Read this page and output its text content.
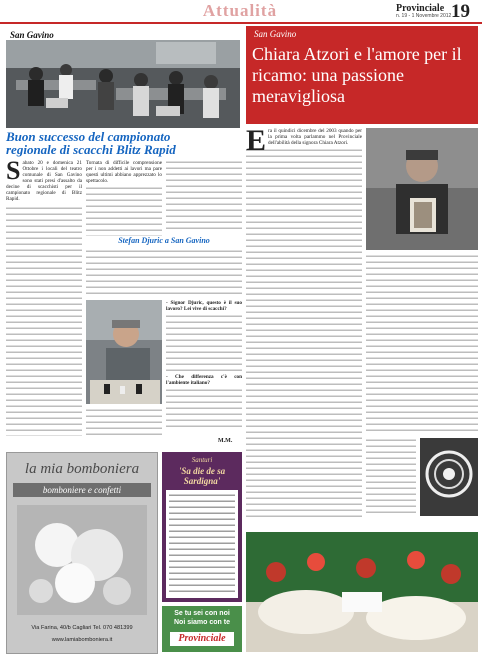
Attualità	Provinciale
n. 19 - 1 Novembre 2012 19
San Gavino
Buon successo del campionato
regionale di scacchi Blitz Rapid
S abato 20 e domenica 21 Ottobre i locali del teatro comunale di San Gavino sono stati presi d'assalto da decine di scacchisti per il campionato regionale di Blitz Rapid.

Tornata di difficile comprensione per i non addetti ai lavori ma pare questi ultimi abbiano apprezzato lo spettacolo.

Stefan Djuric a San Gavino

- Signor Djuric, questo è il suo lavoro? Lei vive di scacchi?

- Che differenza c'è con l'ambiente italiano?

M.M.
la mia bomboniera
bomboniere e confetti
Via Farina, 40/b Cagliari Tel. 070 481399
www.lamiabomboniera.it
Santuri
'Sa die de sa
Sardigna'
Se tu sei con noi
Noi siamo con te
Provinciale
San Gavino
Chiara Atzori e l'amore per il
ricamo: una passione meravigliosa
E ra il quindici dicembre del 2003 quando per la prima volta parlammo nel Provinciale dell'abilità della signora Chiara Atzori.
